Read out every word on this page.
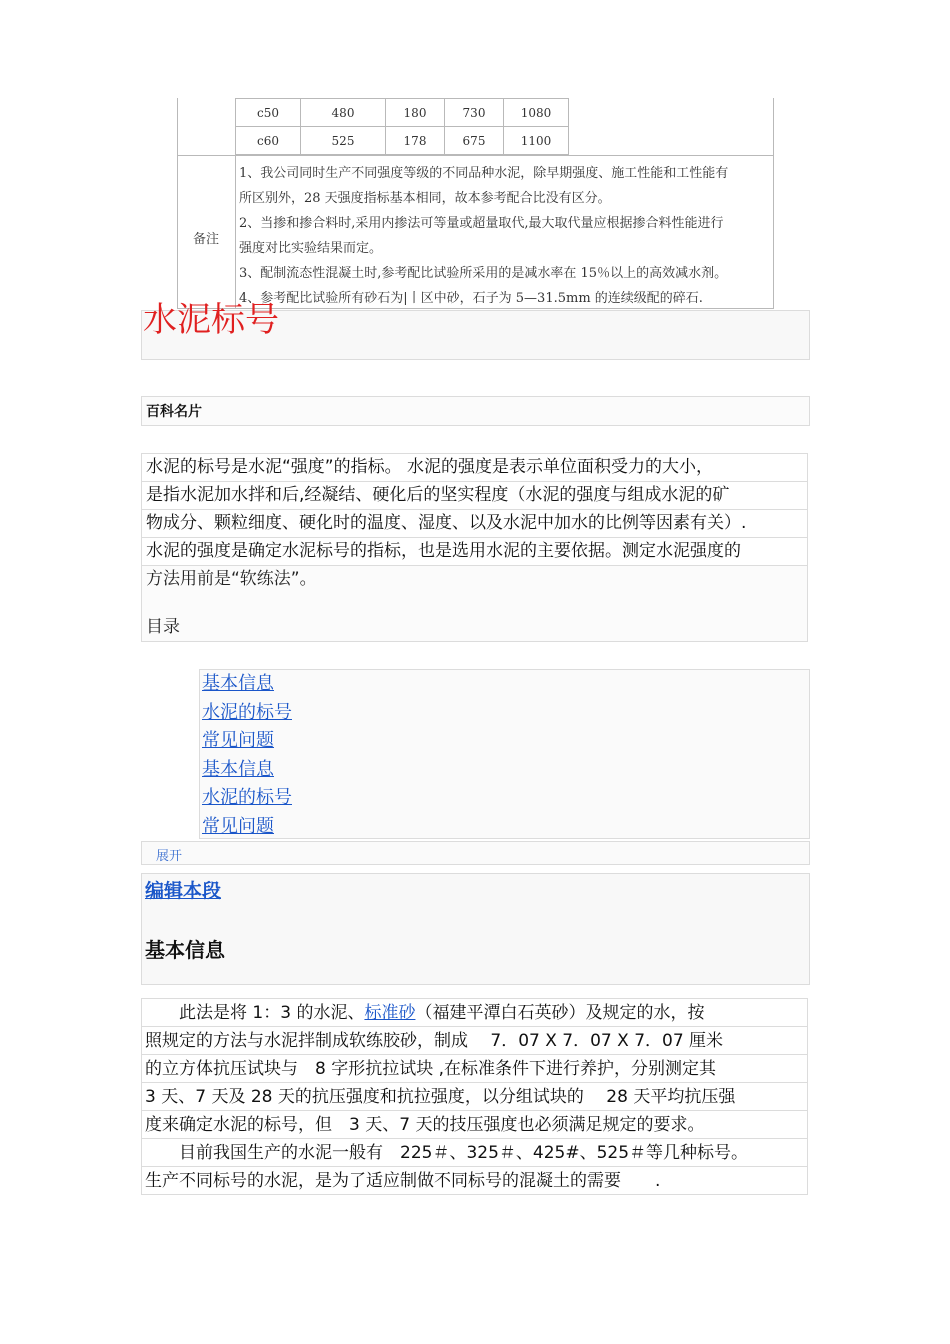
c50	480	180	730	1080
c60	525	178	675	1100
备注

1、我公司同时生产不同强度等级的不同品种水泥，除早期强度、施工性能和工性能有

所区别外，28 天强度指标基本相同，故本参考配合比没有区分。

2、当掺和掺合料时,采用内掺法可等量或超量取代,最大取代量应根据掺合料性能进行

强度对比实验结果而定。

3、配制流态性混凝土时,参考配比试验所采用的是减水率在 15％以上的高效减水剂。

4、参考配比试验所有砂石为|丨区中砂，石子为 5—31.5mm 的连续级配的碎石.

水泥标号
百科名片
水泥的标号是水泥“强度”的指标。 水泥的强度是表示单位面积受力的大小，
是指水泥加水拌和后,经凝结、硬化后的坚实程度（水泥的强度与组成水泥的矿
物成分、颗粒细度、硬化时的温度、湿度、以及水泥中加水的比例等因素有关）.
水泥的强度是确定水泥标号的指标，也是选用水泥的主要依据。测定水泥强度的
方法用前是“软练法”。
目录
基本信息
水泥的标号
常见问题
基本信息
水泥的标号
常见问题
展开
编辑本段
基本信息
　　此法是将 1：3 的水泥、标准砂（福建平潭白石英砂）及规定的水，按
照规定的方法与水泥拌制成软练胶砂，制成　 7．07 X 7．07 X 7．07 厘米
的立方体抗压试块与　8 字形抗拉试块 ,在标准条件下进行养护，分别测定其
3 天、7 天及 28 天的抗压强度和抗拉强度，以分组试块的　 28 天平均抗压强
度来确定水泥的标号，但　3 天、7 天的技压强度也必须满足规定的要求。
　　目前我国生产的水泥一般有　225＃、325＃、425#、525＃等几种标号。
生产不同标号的水泥，是为了适应制做不同标号的混凝土的需要　　.
